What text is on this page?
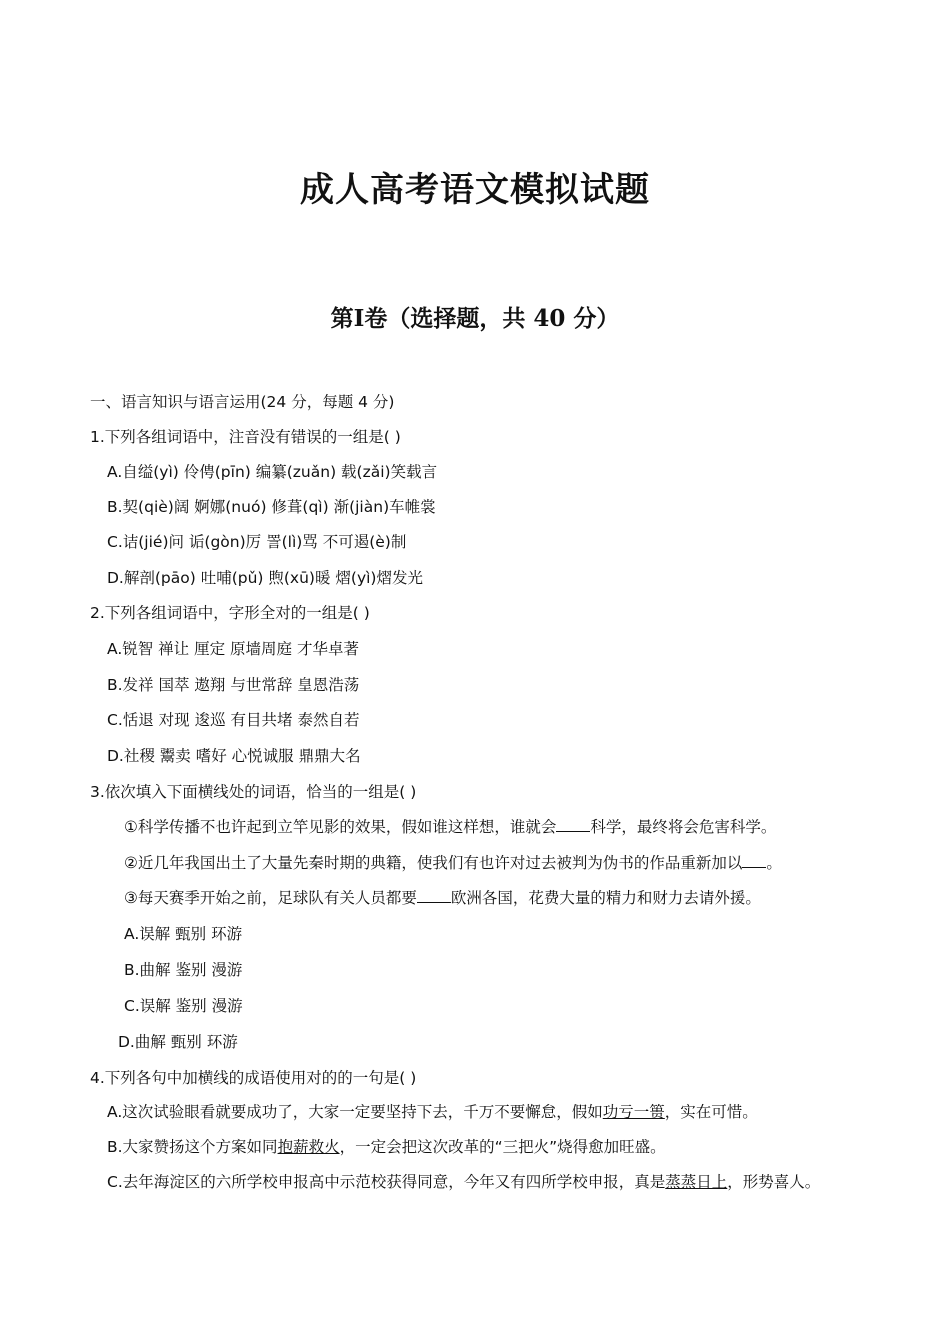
成人高考语文模拟试题
第Ⅰ卷（选择题，共 40 分）
一、语言知识与语言运用(24 分，每题 4 分)
1.下列各组词语中，注音没有错误的一组是( )
A.自缢(yì) 伶俜(pīn) 编纂(zuǎn) 载(zǎi)笑载言
B.契(qiè)阔 婀娜(nuó) 修葺(qì) 渐(jiàn)车帷裳
C.诘(jié)问 诟(gòn)厉 詈(lì)骂 不可遏(è)制
D.解剖(pāo) 吐哺(pǔ) 煦(xū)暖 熠(yì)熠发光
2.下列各组词语中，字形全对的一组是( )
A.锐智 禅让 厘定 原墙周庭 才华卓著
B.发祥 国萃 遨翔 与世常辞 皇恩浩荡
C.恬退 对现 逡巡 有目共堵 泰然自若
D.社稷 鬻卖 嗜好 心悦诚服 鼎鼎大名
3.依次填入下面横线处的词语，恰当的一组是( )
①科学传播不也许起到立竿见影的效果，假如谁这样想，谁就会 科学，最终将会危害科学。
②近几年我国出土了大量先秦时期的典籍，使我们有也许对过去被判为伪书的作品重新加以 。
③每天赛季开始之前，足球队有关人员都要 欧洲各国，花费大量的精力和财力去请外援。
A.误解 甄别 环游
B.曲解 鉴别 漫游
C.误解 鉴别 漫游
D.曲解 甄别 环游
4.下列各句中加横线的成语使用对的的一句是( )
A.这次试验眼看就要成功了，大家一定要坚持下去，千万不要懈怠，假如功亏一篑，实在可惜。
B.大家赞扬这个方案如同抱薪救火，一定会把这次改革的“三把火”烧得愈加旺盛。
C.去年海淀区的六所学校申报高中示范校获得同意，今年又有四所学校申报，真是蒸蒸日上，形势喜人。
